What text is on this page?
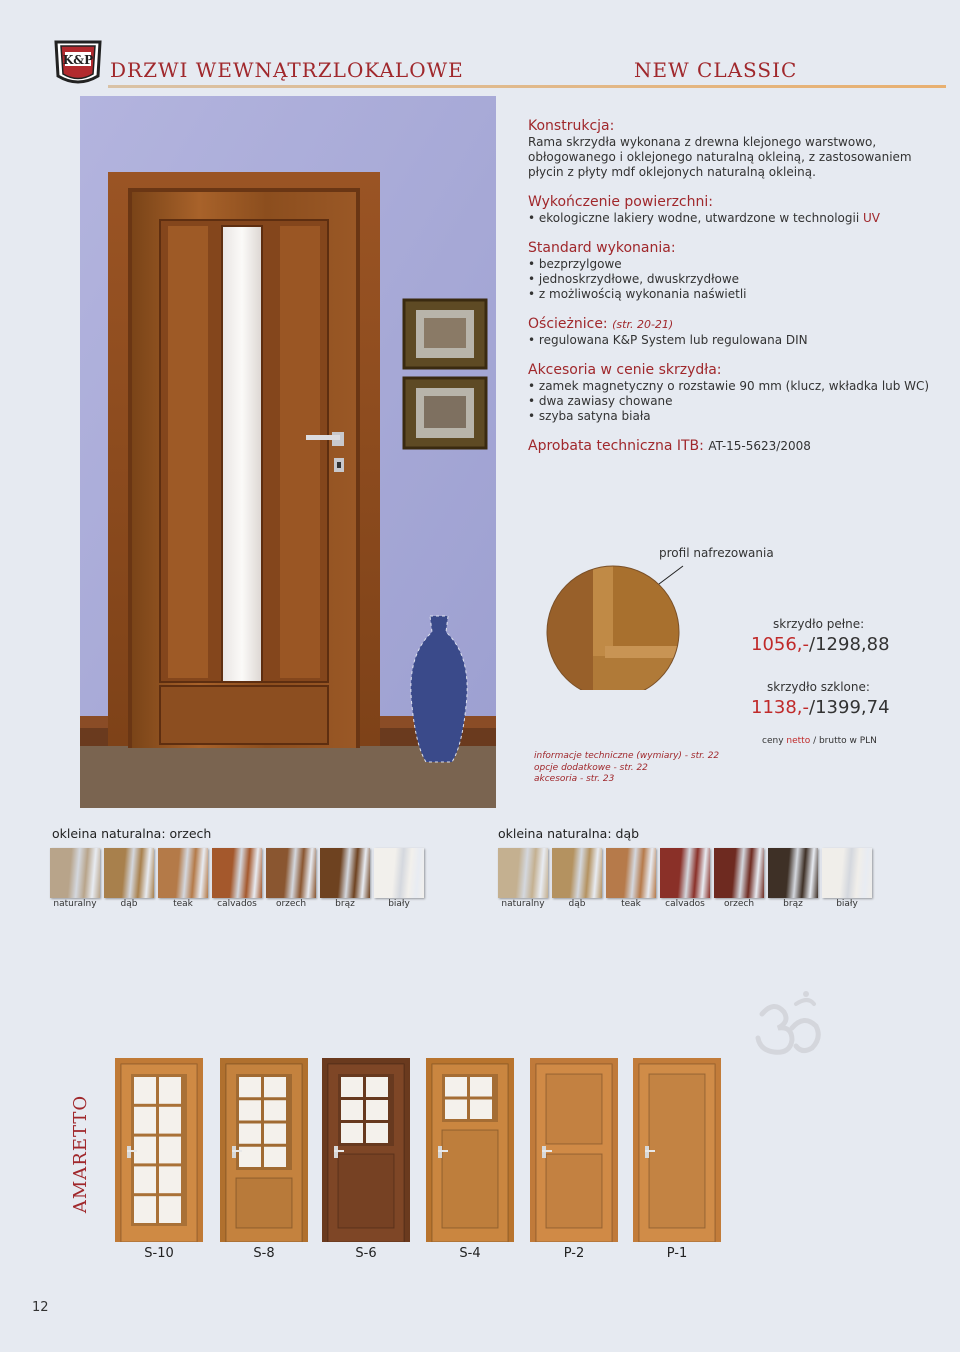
K&P DRZWI WEWNĄTRZLOKALOWE	NEW CLASSIC
Konstrukcja:
Rama skrzydła wykonana z drewna klejonego warstwowo, obłogowanego i oklejonego naturalną okleiną, z zastosowaniem płycin z płyty mdf oklejonych naturalną okleiną.
Wykończenie powierzchni:
• ekologiczne lakiery wodne, utwardzone w technologii UV
Standard wykonania:
• bezprzylgowe
• jednoskrzydłowe, dwuskrzydłowe
• z możliwością wykonania naświetli
Ościeżnice: (str. 20-21)
• regulowana K&P System lub regulowana DIN
Akcesoria w cenie skrzydła:
• zamek magnetyczny o rozstawie 90 mm (klucz, wkładka lub WC)
• dwa zawiasy chowane
• szyba satyna biała
Aprobata techniczna ITB: AT-15-5623/2008
profil nafrezowania
skrzydło pełne:
1056,-/1298,88
skrzydło szklone:
1138,-/1399,74
ceny netto / brutto w PLN
informacje techniczne (wymiary) - str. 22
opcje dodatkowe - str. 22
akcesoria - str. 23
okleina naturalna: orzech
naturalny	dąb	teak	calvados	orzech	brąz	biały
okleina naturalna: dąb
naturalny	dąb	teak	calvados	orzech	brąz	biały
AMARETTO
S-10	S-8	S-6	S-4	P-2	P-1
12
